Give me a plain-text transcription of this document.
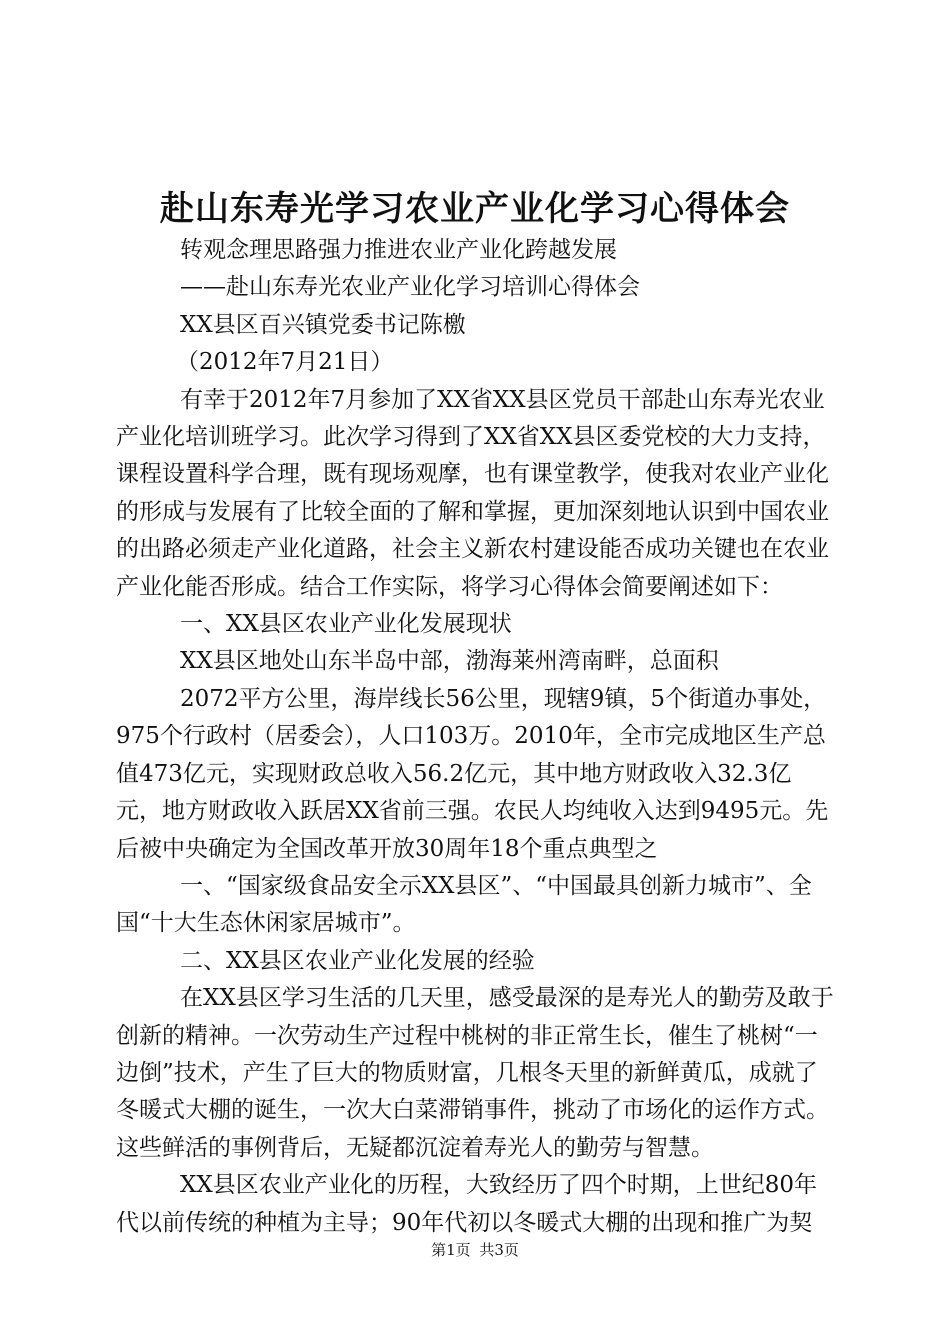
赴山东寿光学习农业产业化学习心得体会

转观念理思路强力推进农业产业化跨越发展

——赴山东寿光农业产业化学习培训心得体会

XX县区百兴镇党委书记陈檄

（2012年7月21日）

有幸于2012年7月参加了XX省XX县区党员干部赴山东寿光农业产业化培训班学习。此次学习得到了XX省XX县区委党校的大力支持，课程设置科学合理，既有现场观摩，也有课堂教学，使我对农业产业化的形成与发展有了比较全面的了解和掌握，更加深刻地认识到中国农业的出路必须走产业化道路，社会主义新农村建设能否成功关键也在农业产业化能否形成。结合工作实际，将学习心得体会简要阐述如下：

一、XX县区农业产业化发展现状

XX县区地处山东半岛中部，渤海莱州湾南畔，总面积

2072平方公里，海岸线长56公里，现辖9镇，5个街道办事处，975个行政村（居委会），人口103万。2010年，全市完成地区生产总值473亿元，实现财政总收入56.2亿元，其中地方财政收入32.3亿元，地方财政收入跃居XX省前三强。农民人均纯收入达到9495元。先后被中央确定为全国改革开放30周年18个重点典型之

一、“国家级食品安全示XX县区”、“中国最具创新力城市”、全国“十大生态休闲家居城市”。

二、XX县区农业产业化发展的经验

在XX县区学习生活的几天里，感受最深的是寿光人的勤劳及敢于创新的精神。一次劳动生产过程中桃树的非正常生长，催生了桃树“一边倒”技术，产生了巨大的物质财富，几根冬天里的新鲜黄瓜，成就了冬暖式大棚的诞生，一次大白菜滞销事件，挑动了市场化的运作方式。这些鲜活的事例背后，无疑都沉淀着寿光人的勤劳与智慧。

XX县区农业产业化的历程，大致经历了四个时期，上世纪80年代以前传统的种植为主导；90年代初以冬暖式大棚的出现和推广为契

第1页 共3页
